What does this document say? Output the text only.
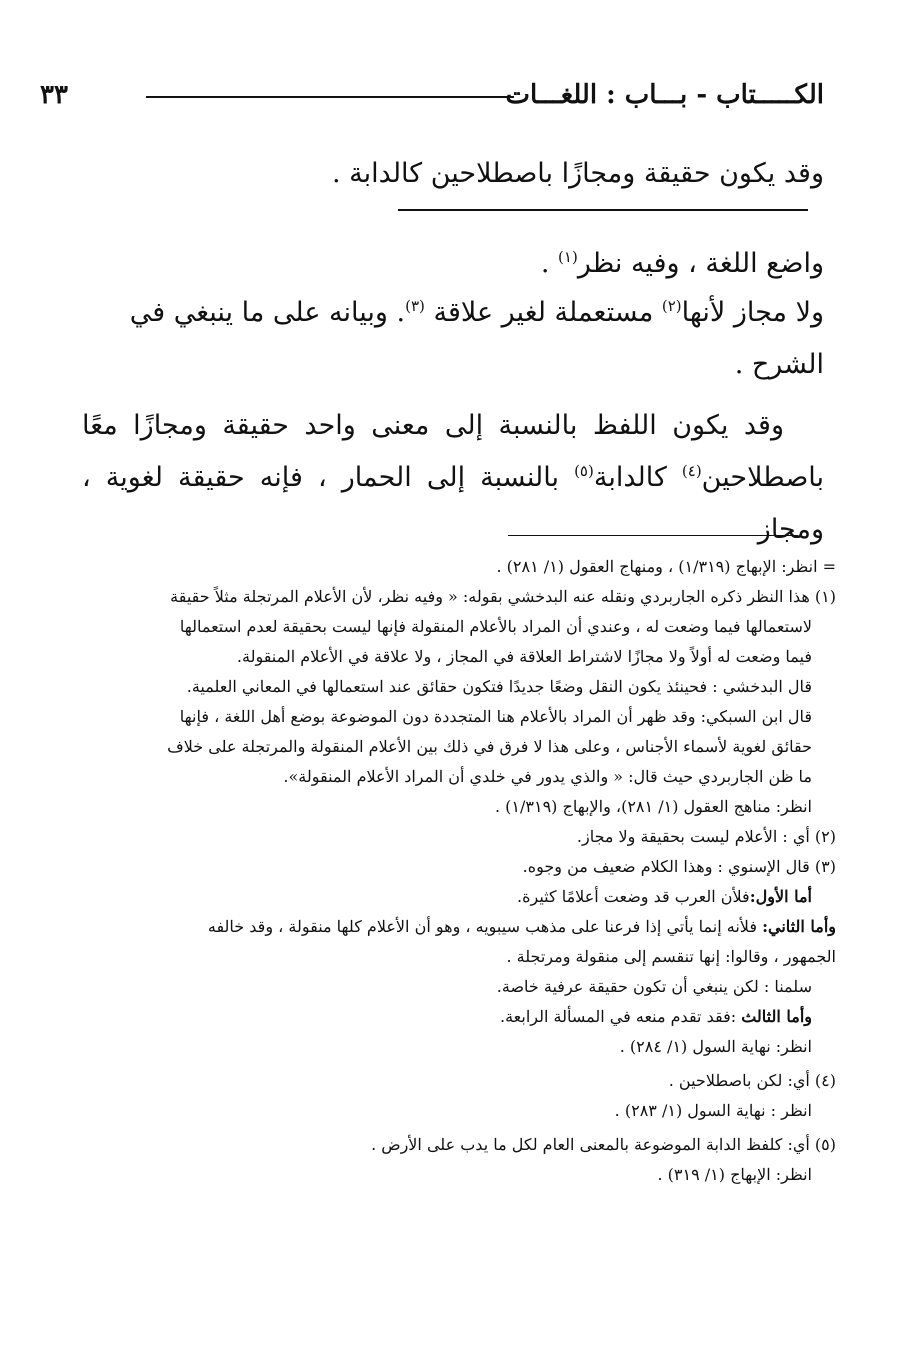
الكـــــتاب - بـــاب : اللغـــات
٣٣
وقد يكون حقيقة ومجازًا باصطلاحين كالدابة .
واضع اللغة ، وفيه نظر$^{(١)}$ .
ولا مجاز لأنها$^{(٢)}$ مستعملة لغير علاقة $^{(٣)}$. وبيانه على ما ينبغي في
الشرح .
وقد يكون اللفظ بالنسبة إلى معنى واحد حقيقة ومجازًا معًا
باصطلاحين$^{(٤)}$ كالدابة$^{(٥)}$ بالنسبة إلى الحمار ، فإنه حقيقة لغوية ، ومجاز
= انظر: الإبهاج (١/٣١٩) ، ومنهاج العقول (١/ ٢٨١) .
(١) هذا النظر ذكره الجاربردي ونقله عنه البدخشي بقوله: « وفيه نظر، لأن الأعلام المرتجلة مثلاً حقيقة
لاستعمالها فيما وضعت له ، وعندي أن المراد بالأعلام المنقولة فإنها ليست بحقيقة لعدم استعمالها
فيما وضعت له أولاً ولا مجازًا لاشتراط العلاقة في المجاز ، ولا علاقة في الأعلام المنقولة.
قال البدخشي : فحينئذ يكون النقل وضعًا جديدًا فتكون حقائق عند استعمالها في المعاني العلمية.
قال ابن السبكي: وقد ظهر أن المراد بالأعلام هنا المتجددة دون الموضوعة بوضع أهل اللغة ، فإنها
حقائق لغوية لأسماء الأجناس ، وعلى هذا لا فرق في ذلك بين الأعلام المنقولة والمرتجلة على خلاف
ما ظن الجاربردي حيث قال: « والذي يدور في خلدي أن المراد الأعلام المنقولة».
انظر: مناهج العقول (١/ ٢٨١)، والإبهاج (١/٣١٩) .
(٢) أي : الأعلام ليست بحقيقة ولا مجاز.
(٣) قال الإسنوي : وهذا الكلام ضعيف من وجوه.
أما الأول:فلأن العرب قد وضعت أعلامًا كثيرة.
وأما الثاني: فلأنه إنما يأتي إذا فرعنا على مذهب سيبويه ، وهو أن الأعلام كلها منقولة ، وقد خالفه
الجمهور ، وقالوا: إنها تنقسم إلى منقولة ومرتجلة .
سلمنا : لكن ينبغي أن تكون حقيقة عرفية خاصة.
وأما الثالث :فقد تقدم منعه في المسألة الرابعة.
انظر: نهاية السول (١/ ٢٨٤) .
(٤) أي: لكن باصطلاحين .
انظر : نهاية السول (١/ ٢٨٣) .
(٥) أي: كلفظ الدابة الموضوعة بالمعنى العام لكل ما يدب على الأرض .
انظر: الإبهاج (١/ ٣١٩) .
